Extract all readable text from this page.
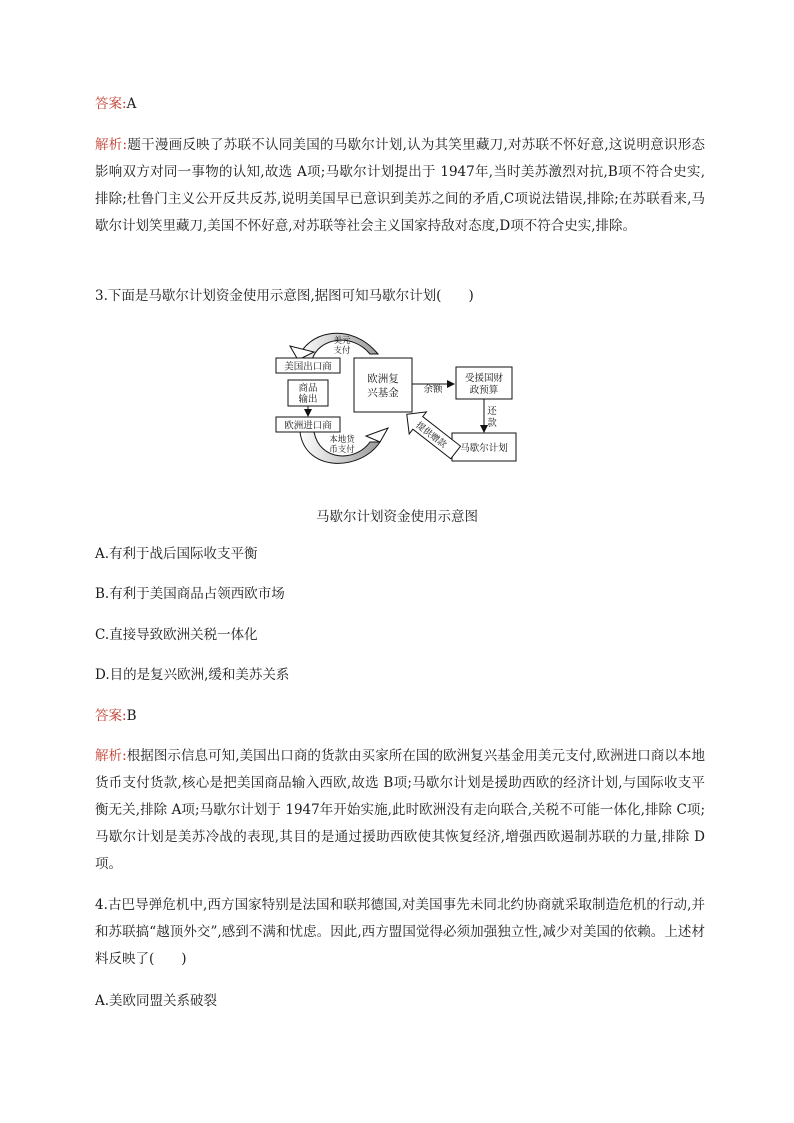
答案:A
解析:题干漫画反映了苏联不认同美国的马歇尔计划,认为其笑里藏刀,对苏联不怀好意,这说明意识形态影响双方对同一事物的认知,故选 A项;马歇尔计划提出于 1947年,当时美苏激烈对抗,B项不符合史实,排除;杜鲁门主义公开反共反苏,说明美国早已意识到美苏之间的矛盾,C项说法错误,排除;在苏联看来,马歇尔计划笑里藏刀,美国不怀好意,对苏联等社会主义国家持敌对态度,D项不符合史实,排除。
3.下面是马歇尔计划资金使用示意图,据图可知马歇尔计划(　　)
美国出口商
美元
支付
商品
输出
欧洲进口商
本地货
币支付
欧洲复
兴基金	余额
受援国财
政预算
还
款
马歇尔计划
提供赠款
马歇尔计划资金使用示意图
A.有利于战后国际收支平衡
B.有利于美国商品占领西欧市场
C.直接导致欧洲关税一体化
D.目的是复兴欧洲,缓和美苏关系
答案:B
解析:根据图示信息可知,美国出口商的货款由买家所在国的欧洲复兴基金用美元支付,欧洲进口商以本地货币支付货款,核心是把美国商品输入西欧,故选 B项;马歇尔计划是援助西欧的经济计划,与国际收支平衡无关,排除 A项;马歇尔计划于 1947年开始实施,此时欧洲没有走向联合,关税不可能一体化,排除 C项;马歇尔计划是美苏冷战的表现,其目的是通过援助西欧使其恢复经济,增强西欧遏制苏联的力量,排除 D项。
4.古巴导弹危机中,西方国家特别是法国和联邦德国,对美国事先未同北约协商就采取制造危机的行动,并和苏联搞“越顶外交”,感到不满和忧虑。因此,西方盟国觉得必须加强独立性,减少对美国的依赖。上述材料反映了(　　)
A.美欧同盟关系破裂
